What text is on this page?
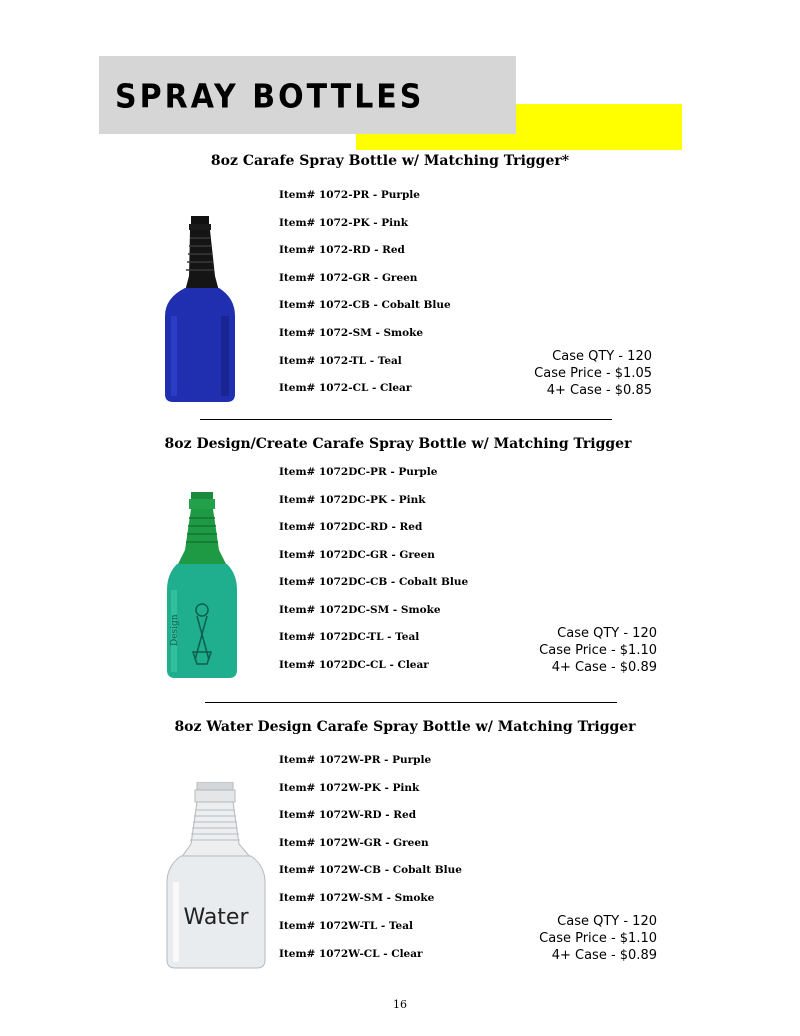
SPRAY BOTTLES
8oz Carafe Spray Bottle w/ Matching Trigger*
Item# 1072-PR - Purple
Item# 1072-PK - Pink
Item# 1072-RD - Red
Item# 1072-GR - Green
Item# 1072-CB - Cobalt Blue
Item# 1072-SM - Smoke
Item# 1072-TL - Teal
Item# 1072-CL - Clear
Case QTY - 120
Case Price - $1.05
4+ Case - $0.85
8oz Design/Create Carafe Spray Bottle w/ Matching Trigger
Design
Item# 1072DC-PR - Purple
Item# 1072DC-PK - Pink
Item# 1072DC-RD - Red
Item# 1072DC-GR - Green
Item# 1072DC-CB - Cobalt Blue
Item# 1072DC-SM - Smoke
Item# 1072DC-TL - Teal
Item# 1072DC-CL - Clear
Case QTY - 120
Case Price - $1.10
4+ Case - $0.89
8oz Water Design Carafe Spray Bottle w/ Matching Trigger
Water
Item# 1072W-PR - Purple
Item# 1072W-PK - Pink
Item# 1072W-RD - Red
Item# 1072W-GR - Green
Item# 1072W-CB - Cobalt Blue
Item# 1072W-SM - Smoke
Item# 1072W-TL - Teal
Item# 1072W-CL - Clear
Case QTY - 120
Case Price - $1.10
4+ Case - $0.89
16
